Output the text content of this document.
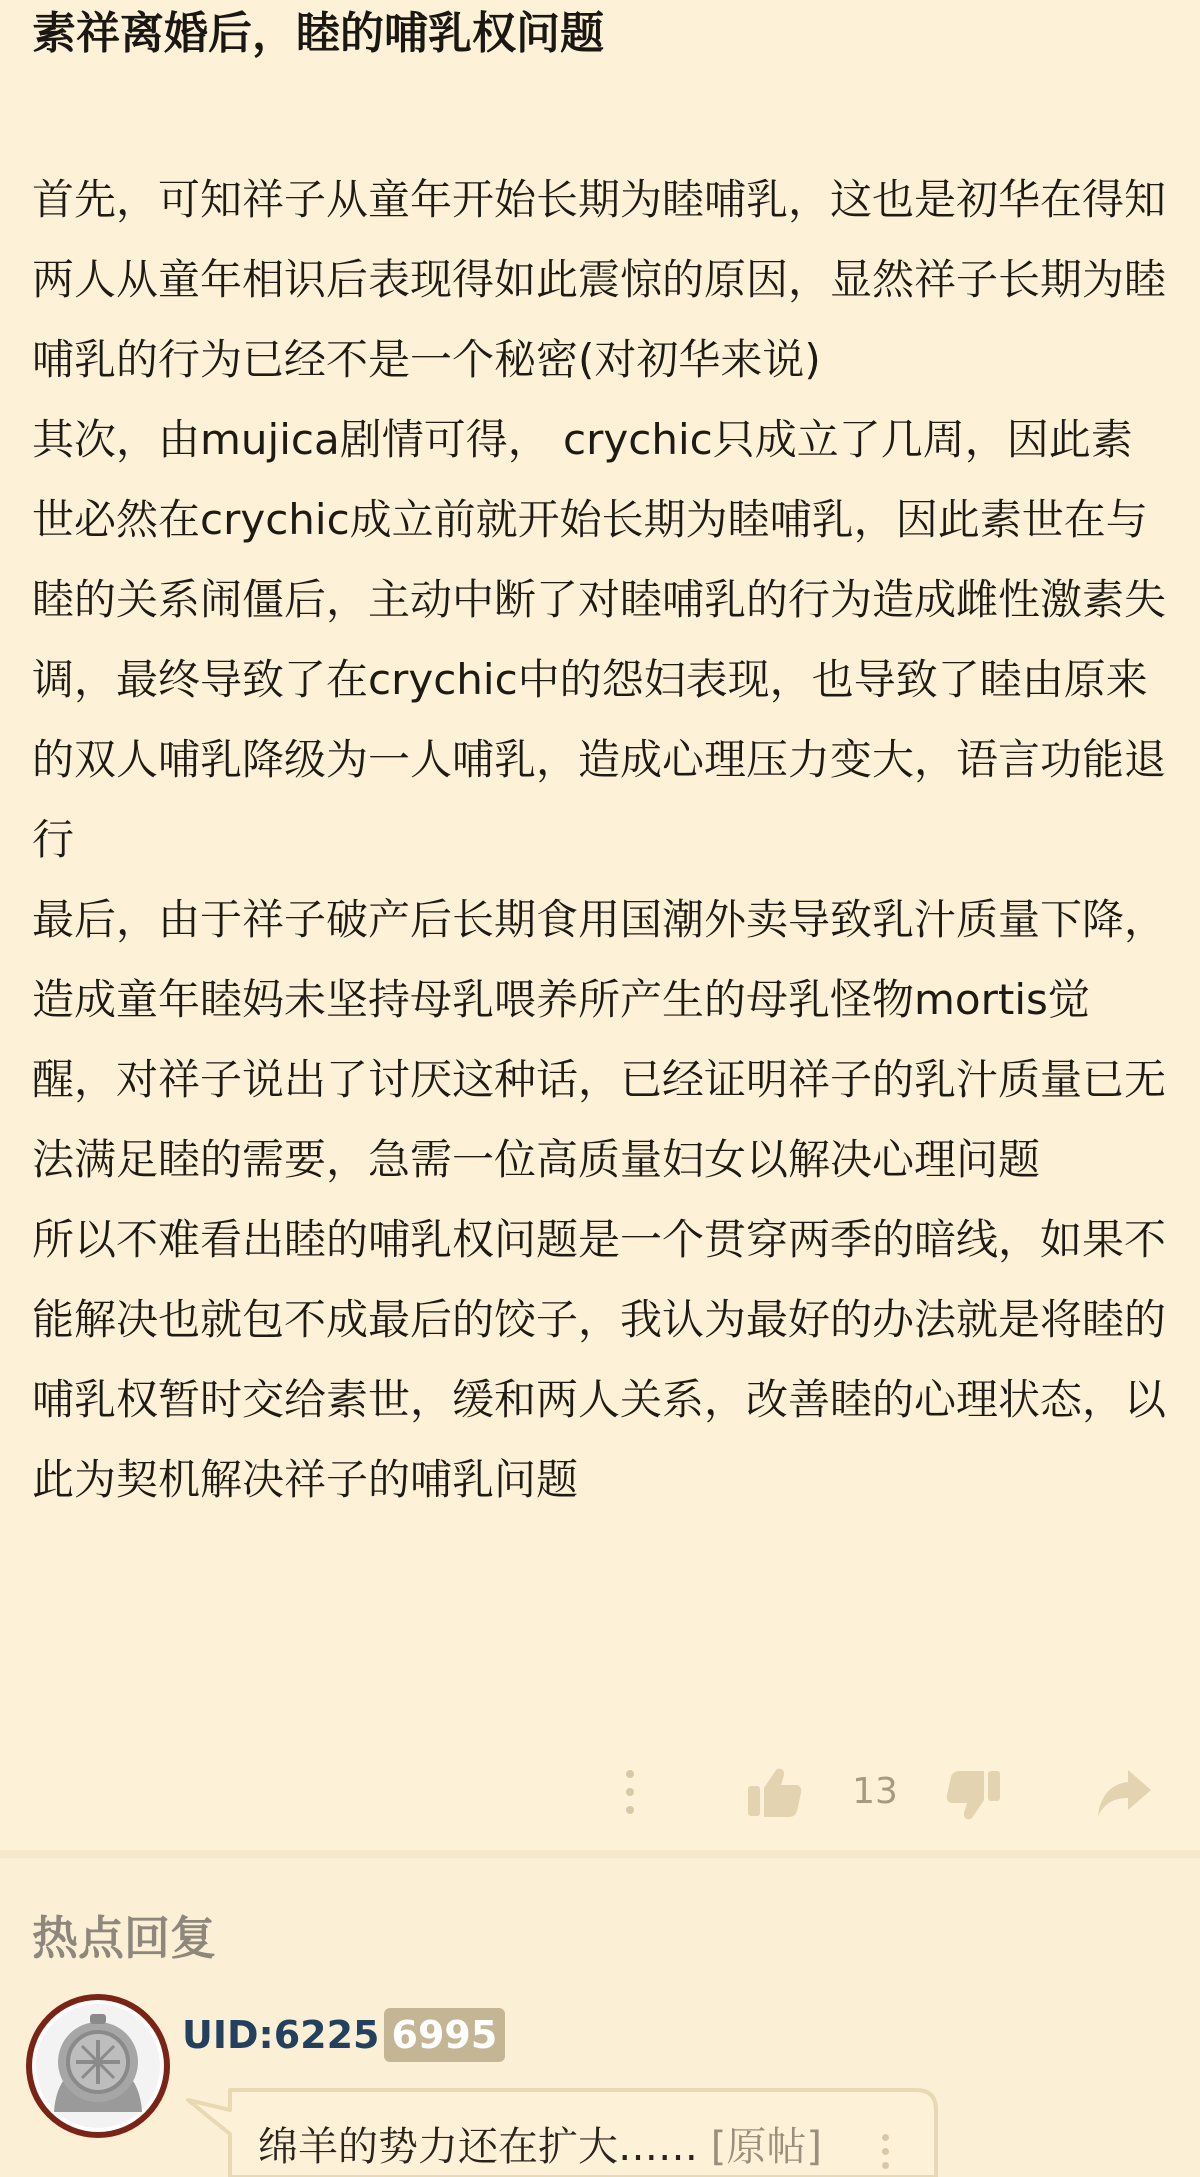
素祥离婚后，睦的哺乳权问题

首先，可知祥子从童年开始长期为睦哺乳，这也是初华在得知两人从童年相识后表现得如此震惊的原因，显然祥子长期为睦哺乳的行为已经不是一个秘密(对初华来说)

其次，由mujica剧情可得， crychic只成立了几周，因此素世必然在crychic成立前就开始长期为睦哺乳，因此素世在与睦的关系闹僵后，主动中断了对睦哺乳的行为造成雌性激素失调，最终导致了在crychic中的怨妇表现，也导致了睦由原来的双人哺乳降级为一人哺乳，造成心理压力变大，语言功能退行

最后，由于祥子破产后长期食用国潮外卖导致乳汁质量下降，造成童年睦妈未坚持母乳喂养所产生的母乳怪物mortis觉醒，对祥子说出了讨厌这种话，已经证明祥子的乳汁质量已无法满足睦的需要，急需一位高质量妇女以解决心理问题

所以不难看出睦的哺乳权问题是一个贯穿两季的暗线，如果不能解决也就包不成最后的饺子，我认为最好的办法就是将睦的哺乳权暂时交给素世，缓和两人关系，改善睦的心理状态，以此为契机解决祥子的哺乳问题

13
热点回复
UID:6225 6995
绵羊的势力还在扩大…… [原帖]
